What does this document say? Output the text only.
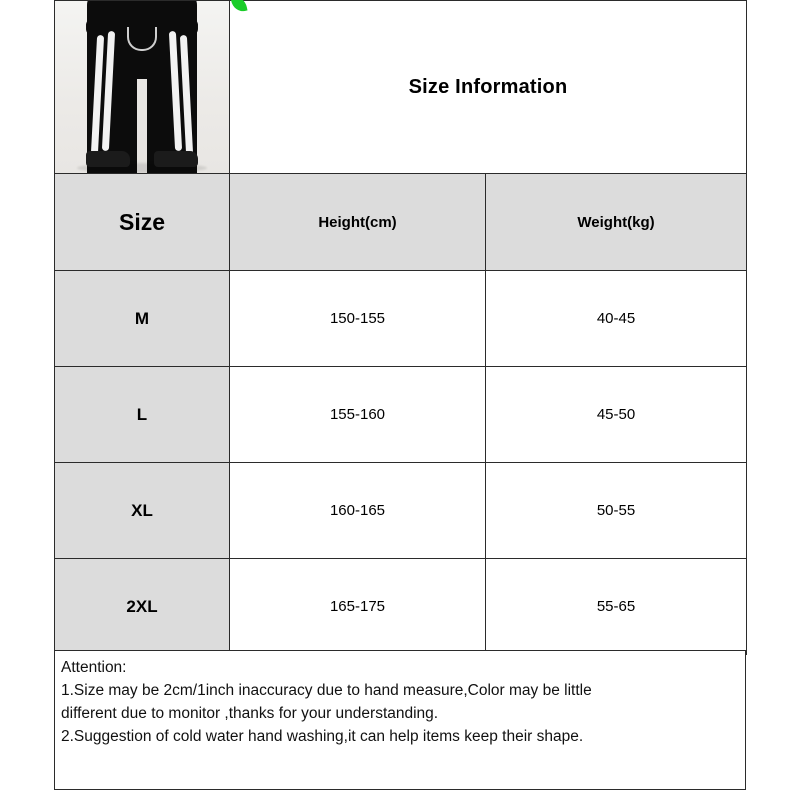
	Size Information	
Size	Height(cm)	Weight(kg)
M	150-155	40-45
L	155-160	45-50
XL	160-165	50-55
2XL	165-175	55-65

Attention:

1.Size may be 2cm/1inch inaccuracy due to hand measure,Color may be little

different due to monitor ,thanks for your understanding.

2.Suggestion of cold water hand washing,it can help items keep their shape.
